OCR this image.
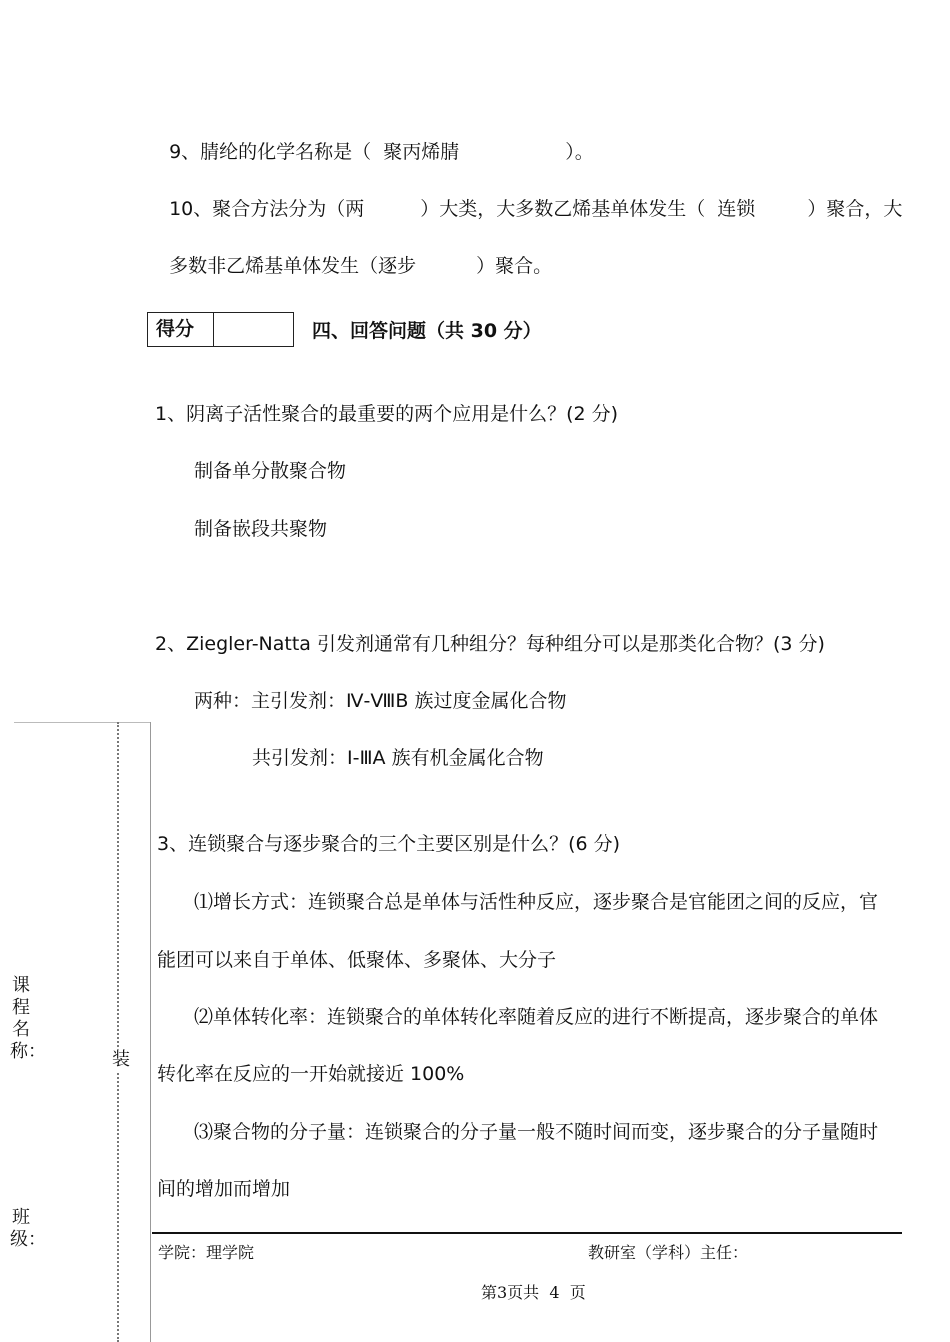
9、腈纶的化学名称是（ 聚丙烯腈	）。

10、聚合方法分为（两	）大类，大多数乙烯基单体发生（ 连锁	）聚合，大

多数非乙烯基单体发生（逐步	）聚合。

得分	四、回答问题（共 30 分）
1、阴离子活性聚合的最重要的两个应用是什么？(2 分)
制备单分散聚合物
制备嵌段共聚物
2、Ziegler-Natta 引发剂通常有几种组分？每种组分可以是那类化合物？(3 分)
两种：主引发剂：Ⅳ-ⅧB 族过度金属化合物
共引发剂：Ⅰ-ⅢA 族有机金属化合物
3、连锁聚合与逐步聚合的三个主要区别是什么？(6 分)
⑴增长方式：连锁聚合总是单体与活性种反应，逐步聚合是官能团之间的反应，官
能团可以来自于单体、低聚体、多聚体、大分子
⑵单体转化率：连锁聚合的单体转化率随着反应的进行不断提高，逐步聚合的单体
转化率在反应的一开始就接近 100%
⑶聚合物的分子量：连锁聚合的分子量一般不随时间而变，逐步聚合的分子量随时
间的增加而增加
课程名称：
班级：
装
学院：理学院	教研室（学科）主任：
第3页共  4  页
